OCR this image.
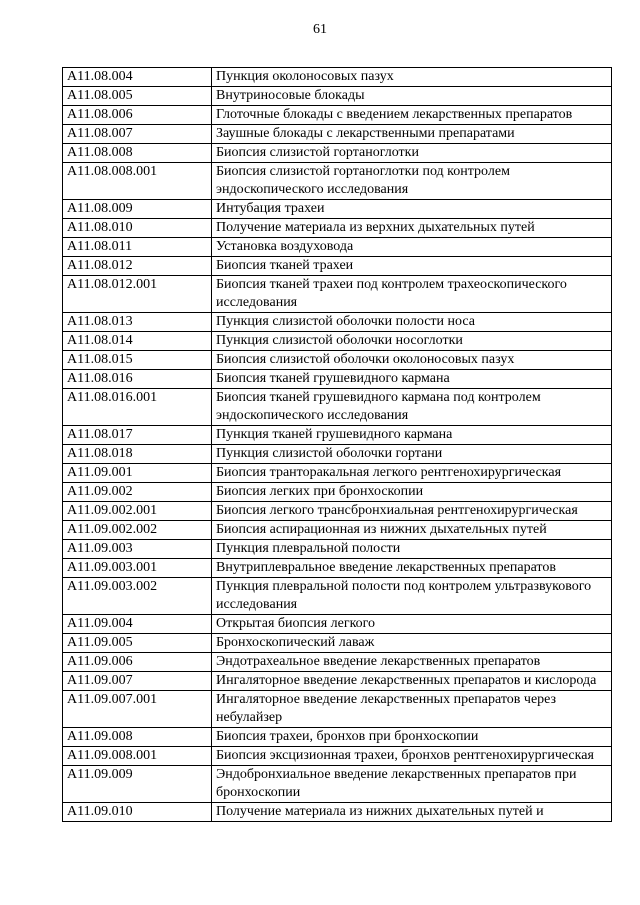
61
A11.08.004	Пункция околоносовых пазух
A11.08.005	Внутриносовые блокады
A11.08.006	Глоточные блокады с введением лекарственных препаратов
A11.08.007	Заушные блокады с лекарственными препаратами
A11.08.008	Биопсия слизистой гортаноглотки
A11.08.008.001	Биопсия слизистой гортаноглотки под контролем эндоскопического исследования
A11.08.009	Интубация трахеи
A11.08.010	Получение материала из верхних дыхательных путей
A11.08.011	Установка воздуховода
A11.08.012	Биопсия тканей трахеи
A11.08.012.001	Биопсия тканей трахеи под контролем трахеоскопического исследования
A11.08.013	Пункция слизистой оболочки полости носа
A11.08.014	Пункция слизистой оболочки носоглотки
A11.08.015	Биопсия слизистой оболочки околоносовых пазух
A11.08.016	Биопсия тканей грушевидного кармана
A11.08.016.001	Биопсия тканей грушевидного кармана под контролем эндоскопического исследования
A11.08.017	Пункция тканей грушевидного кармана
A11.08.018	Пункция слизистой оболочки гортани
A11.09.001	Биопсия транторакальная легкого рентгенохирургическая
A11.09.002	Биопсия легких при бронхоскопии
A11.09.002.001	Биопсия легкого трансбронхиальная рентгенохирургическая
A11.09.002.002	Биопсия аспирационная из нижних дыхательных путей
A11.09.003	Пункция плевральной полости
A11.09.003.001	Внутриплевральное введение лекарственных препаратов
A11.09.003.002	Пункция плевральной полости под контролем ультразвукового исследования
A11.09.004	Открытая биопсия легкого
A11.09.005	Бронхоскопический лаваж
A11.09.006	Эндотрахеальное введение лекарственных препаратов
A11.09.007	Ингаляторное введение лекарственных препаратов и кислорода
A11.09.007.001	Ингаляторное введение лекарственных препаратов через небулайзер
A11.09.008	Биопсия трахеи, бронхов при бронхоскопии
A11.09.008.001	Биопсия эксцизионная трахеи, бронхов рентгенохирургическая
A11.09.009	Эндобронхиальное введение лекарственных препаратов при бронхоскопии
A11.09.010	Получение материала из нижних дыхательных путей и
